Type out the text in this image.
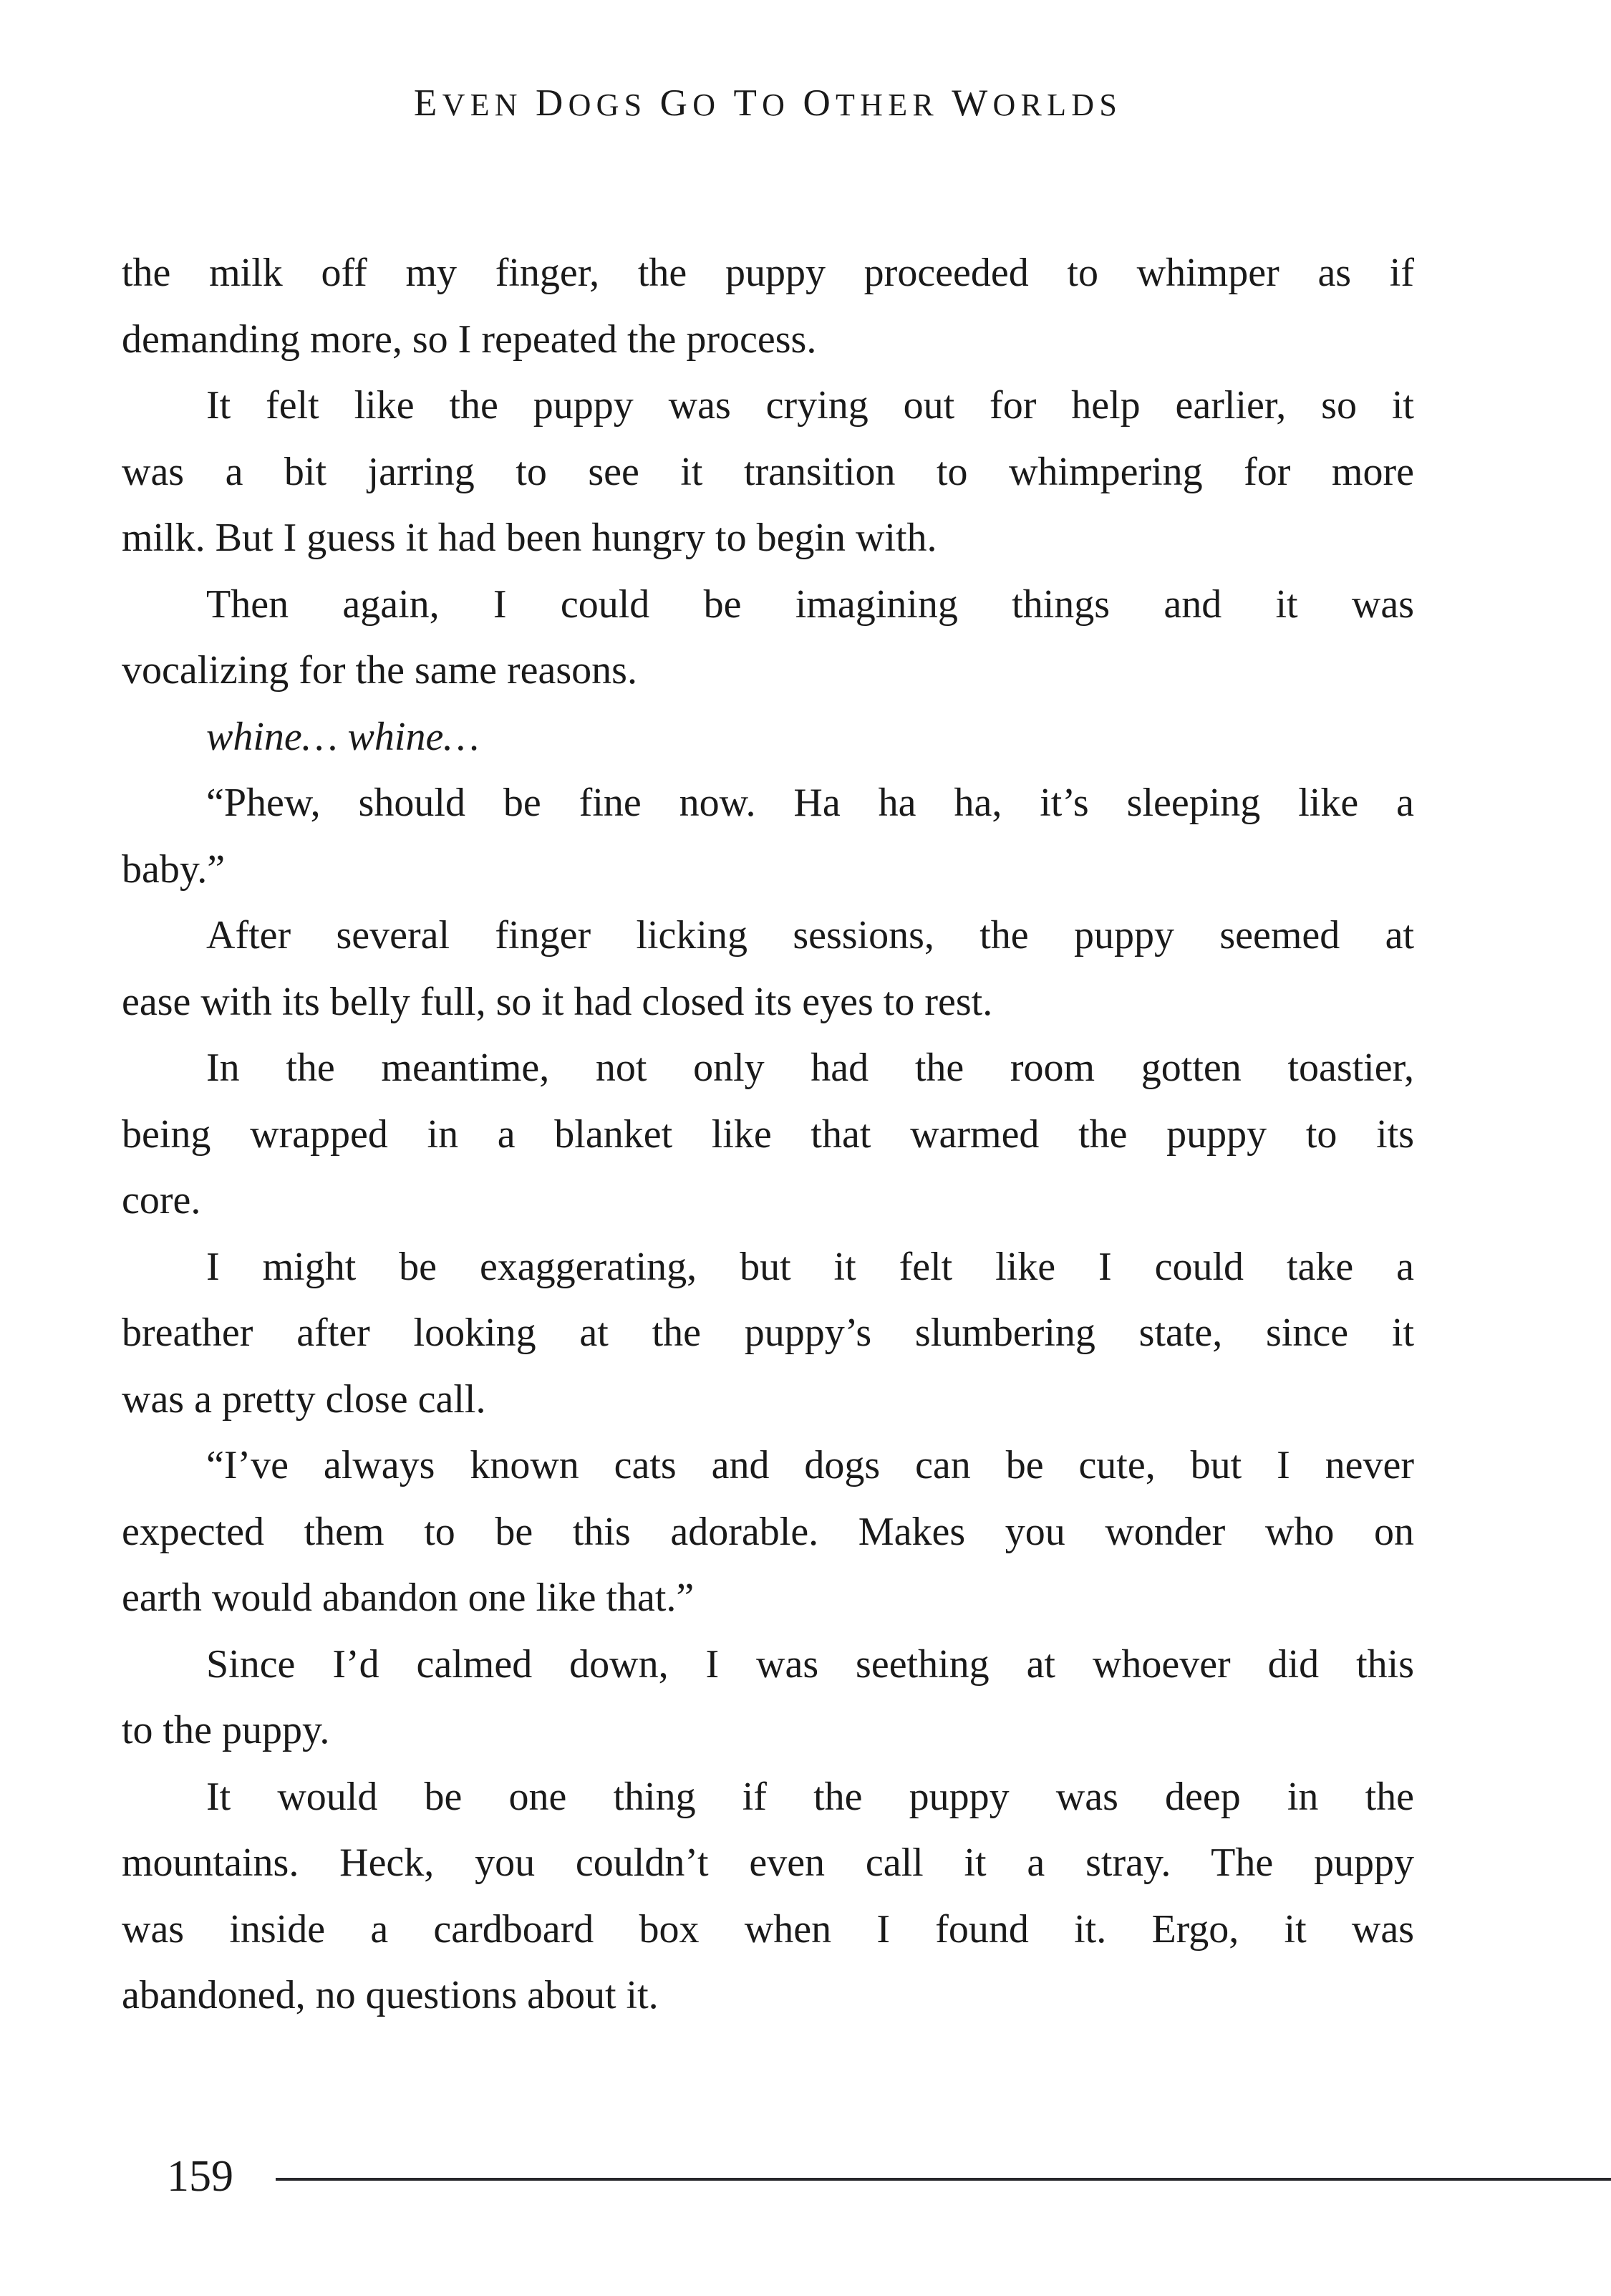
EVEN DOGS GO TO OTHER WORLDS
the milk off my finger, the puppy proceeded to whimper as if
demanding more, so I repeated the process.
It felt like the puppy was crying out for help earlier, so it
was a bit jarring to see it transition to whimpering for more
milk. But I guess it had been hungry to begin with.
Then again, I could be imagining things and it was
vocalizing for the same reasons.
whine… whine…
“Phew, should be fine now. Ha ha ha, it’s sleeping like a
baby.”
After several finger licking sessions, the puppy seemed at
ease with its belly full, so it had closed its eyes to rest.
In the meantime, not only had the room gotten toastier,
being wrapped in a blanket like that warmed the puppy to its
core.
I might be exaggerating, but it felt like I could take a
breather after looking at the puppy’s slumbering state, since it
was a pretty close call.
“I’ve always known cats and dogs can be cute, but I never
expected them to be this adorable. Makes you wonder who on
earth would abandon one like that.”
Since I’d calmed down, I was seething at whoever did this
to the puppy.
It would be one thing if the puppy was deep in the
mountains. Heck, you couldn’t even call it a stray. The puppy
was inside a cardboard box when I found it. Ergo, it was
abandoned, no questions about it.
159
